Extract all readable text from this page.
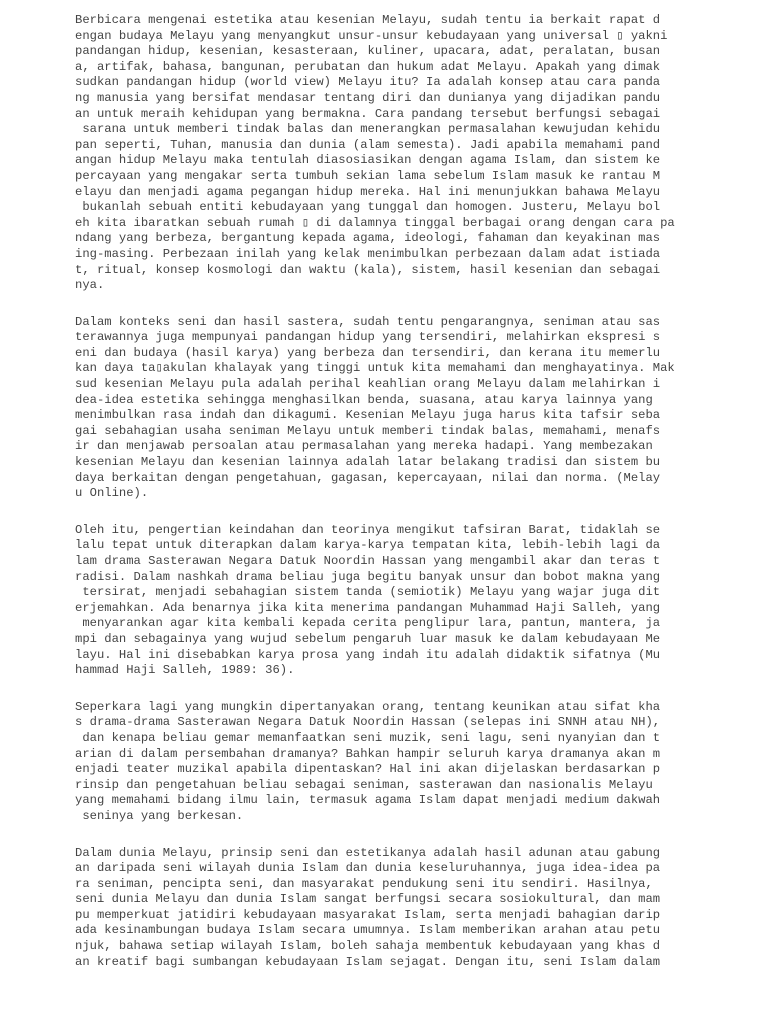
Berbicara mengenai estetika atau kesenian Melayu, sudah tentu ia berkait rapat d
engan budaya Melayu yang menyangkut unsur-unsur kebudayaan yang universal ▯ yakni
pandangan hidup, kesenian, kesasteraan, kuliner, upacara, adat, peralatan, busan
a, artifak, bahasa, bangunan, perubatan dan hukum adat Melayu. Apakah yang dimak
sudkan pandangan hidup (world view) Melayu itu? Ia adalah konsep atau cara panda
ng manusia yang bersifat mendasar tentang diri dan dunianya yang dijadikan pandu
an untuk meraih kehidupan yang bermakna. Cara pandang tersebut berfungsi sebagai
sarana untuk memberi tindak balas dan menerangkan permasalahan kewujudan kehidu
pan seperti, Tuhan, manusia dan dunia (alam semesta). Jadi apabila memahami pand
angan hidup Melayu maka tentulah diasosiasikan dengan agama Islam, dan sistem ke
percayaan yang mengakar serta tumbuh sekian lama sebelum Islam masuk ke rantau M
elayu dan menjadi agama pegangan hidup mereka. Hal ini menunjukkan bahawa Melayu
bukanlah sebuah entiti kebudayaan yang tunggal dan homogen. Justeru, Melayu bol
eh kita ibaratkan sebuah rumah ▯ di dalamnya tinggal berbagai orang dengan cara pa
ndang yang berbeza, bergantung kepada agama, ideologi, fahaman dan keyakinan mas
ing-masing. Perbezaan inilah yang kelak menimbulkan perbezaan dalam adat istiada
t, ritual, konsep kosmologi dan waktu (kala), sistem, hasil kesenian dan sebagai
nya.

Dalam konteks seni dan hasil sastera, sudah tentu pengarangnya, seniman atau sas
terawannya juga mempunyai pandangan hidup yang tersendiri, melahirkan ekspresi s
eni dan budaya (hasil karya) yang berbeza dan tersendiri, dan kerana itu memerlu
kan daya ta▯akulan khalayak yang tinggi untuk kita memahami dan menghayatinya. Mak
sud kesenian Melayu pula adalah perihal keahlian orang Melayu dalam melahirkan i
dea-idea estetika sehingga menghasilkan benda, suasana, atau karya lainnya yang
menimbulkan rasa indah dan dikagumi. Kesenian Melayu juga harus kita tafsir seba
gai sebahagian usaha seniman Melayu untuk memberi tindak balas, memahami, menafs
ir dan menjawab persoalan atau permasalahan yang mereka hadapi. Yang membezakan
kesenian Melayu dan kesenian lainnya adalah latar belakang tradisi dan sistem bu
daya berkaitan dengan pengetahuan, gagasan, kepercayaan, nilai dan norma. (Melay
u Online).

Oleh itu, pengertian keindahan dan teorinya mengikut tafsiran Barat, tidaklah se
lalu tepat untuk diterapkan dalam karya-karya tempatan kita, lebih-lebih lagi da
lam drama Sasterawan Negara Datuk Noordin Hassan yang mengambil akar dan teras t
radisi. Dalam nashkah drama beliau juga begitu banyak unsur dan bobot makna yang
tersirat, menjadi sebahagian sistem tanda (semiotik) Melayu yang wajar juga dit
erjemahkan. Ada benarnya jika kita menerima pandangan Muhammad Haji Salleh, yang
menyarankan agar kita kembali kepada cerita penglipur lara, pantun, mantera, ja
mpi dan sebagainya yang wujud sebelum pengaruh luar masuk ke dalam kebudayaan Me
layu. Hal ini disebabkan karya prosa yang indah itu adalah didaktik sifatnya (Mu
hammad Haji Salleh, 1989: 36).

Seperkara lagi yang mungkin dipertanyakan orang, tentang keunikan atau sifat kha
s drama-drama Sasterawan Negara Datuk Noordin Hassan (selepas ini SNNH atau NH),
dan kenapa beliau gemar memanfaatkan seni muzik, seni lagu, seni nyanyian dan t
arian di dalam persembahan dramanya? Bahkan hampir seluruh karya dramanya akan m
enjadi teater muzikal apabila dipentaskan? Hal ini akan dijelaskan berdasarkan p
rinsip dan pengetahuan beliau sebagai seniman, sasterawan dan nasionalis Melayu
yang memahami bidang ilmu lain, termasuk agama Islam dapat menjadi medium dakwah
seninya yang berkesan.

Dalam dunia Melayu, prinsip seni dan estetikanya adalah hasil adunan atau gabung
an daripada seni wilayah dunia Islam dan dunia keseluruhannya, juga idea-idea pa
ra seniman, pencipta seni, dan masyarakat pendukung seni itu sendiri. Hasilnya,
seni dunia Melayu dan dunia Islam sangat berfungsi secara sosiokultural, dan mam
pu memperkuat jatidiri kebudayaan masyarakat Islam, serta menjadi bahagian darip
ada kesinambungan budaya Islam secara umumnya. Islam memberikan arahan atau petu
njuk, bahawa setiap wilayah Islam, boleh sahaja membentuk kebudayaan yang khas d
an kreatif bagi sumbangan kebudayaan Islam sejagat. Dengan itu, seni Islam dalam
